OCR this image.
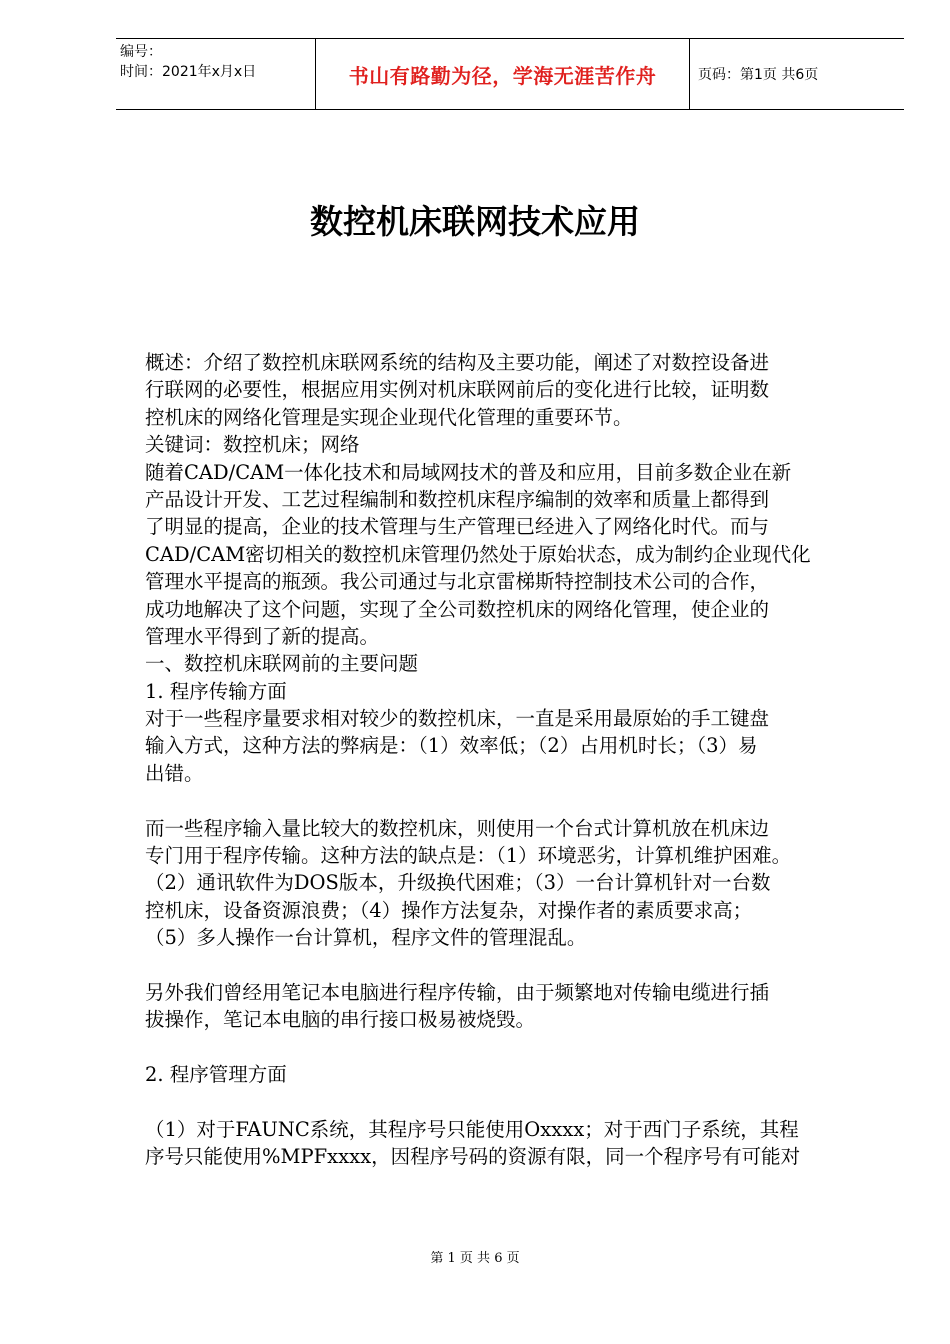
编号：
时间：2021年x月x日	书山有路勤为径，学海无涯苦作舟	页码：第1页 共6页
数控机床联网技术应用
概述：介绍了数控机床联网系统的结构及主要功能，阐述了对数控设备进
行联网的必要性，根据应用实例对机床联网前后的变化进行比较，证明数
控机床的网络化管理是实现企业现代化管理的重要环节。
关键词：数控机床；网络
随着CAD/CAM一体化技术和局域网技术的普及和应用，目前多数企业在新
产品设计开发、工艺过程编制和数控机床程序编制的效率和质量上都得到
了明显的提高，企业的技术管理与生产管理已经进入了网络化时代。而与
CAD/CAM密切相关的数控机床管理仍然处于原始状态，成为制约企业现代化
管理水平提高的瓶颈。我公司通过与北京雷梯斯特控制技术公司的合作，
成功地解决了这个问题，实现了全公司数控机床的网络化管理，使企业的
管理水平得到了新的提高。
一、数控机床联网前的主要问题
1. 程序传输方面
对于一些程序量要求相对较少的数控机床，一直是采用最原始的手工键盘
输入方式，这种方法的弊病是：（1）效率低；（2）占用机时长；（3）易
出错。
而一些程序输入量比较大的数控机床，则使用一个台式计算机放在机床边
专门用于程序传输。这种方法的缺点是：（1）环境恶劣，计算机维护困难。
（2）通讯软件为DOS版本，升级换代困难；（3）一台计算机针对一台数
控机床，设备资源浪费；（4）操作方法复杂，对操作者的素质要求高；
（5）多人操作一台计算机，程序文件的管理混乱。
另外我们曾经用笔记本电脑进行程序传输，由于频繁地对传输电缆进行插
拔操作，笔记本电脑的串行接口极易被烧毁。
2. 程序管理方面
（1）对于FAUNC系统，其程序号只能使用Oxxxx；对于西门子系统，其程
序号只能使用%MPFxxxx，因程序号码的资源有限，同一个程序号有可能对
第 1 页 共 6 页
